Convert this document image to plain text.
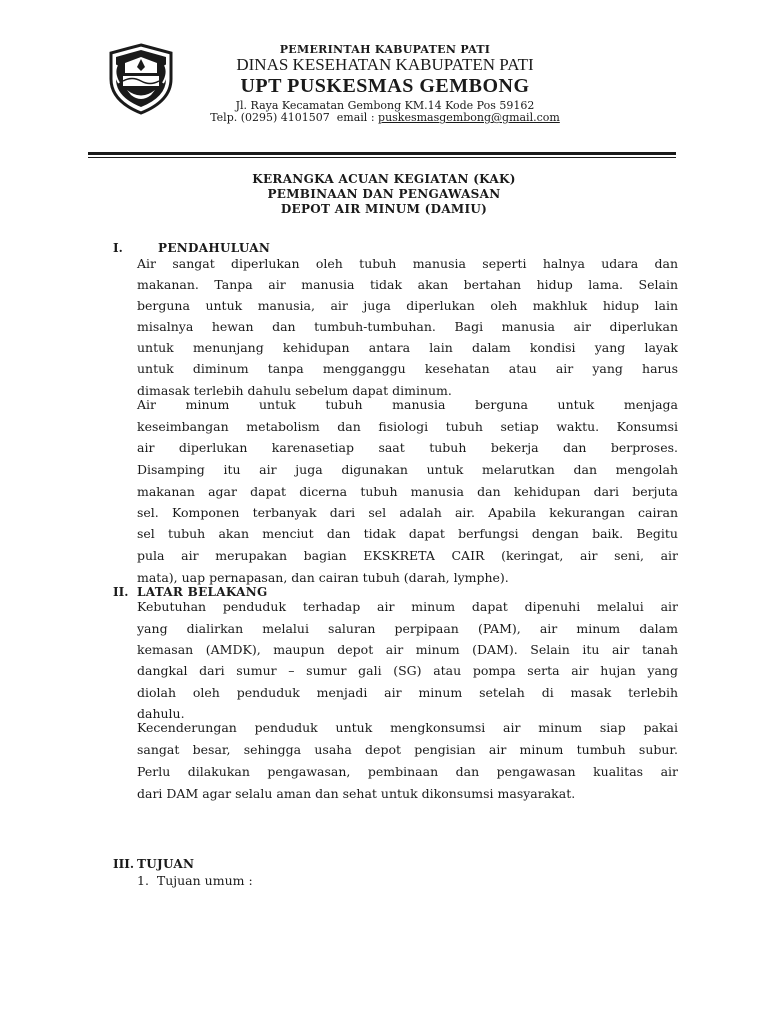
PEMERINTAH KABUPATEN PATI
DINAS KESEHATAN KABUPATEN PATI
UPT PUSKESMAS GEMBONG
Jl. Raya Kecamatan Gembong KM.14 Kode Pos 59162
Telp. (0295) 4101507  email : puskesmasgembong@gmail.com
KERANGKA ACUAN KEGIATAN (KAK)
PEMBINAAN DAN PENGAWASAN
DEPOT AIR MINUM (DAMIU)
I.	PENDAHULUAN
Air sangat diperlukan oleh tubuh manusia seperti halnya udara dan
makanan. Tanpa air manusia tidak akan bertahan hidup lama. Selain
berguna untuk manusia, air juga diperlukan oleh makhluk hidup lain
misalnya hewan dan tumbuh-tumbuhan. Bagi manusia air diperlukan
untuk menunjang kehidupan antara lain dalam kondisi yang layak
untuk diminum tanpa mengganggu kesehatan atau air yang harus
dimasak terlebih dahulu sebelum dapat diminum.
Air minum untuk tubuh manusia berguna untuk menjaga
keseimbangan metabolism dan fisiologi tubuh setiap waktu. Konsumsi
air diperlukan karenasetiap saat tubuh bekerja dan berproses.
Disamping itu air juga digunakan untuk melarutkan dan mengolah
makanan agar dapat dicerna tubuh manusia dan kehidupan dari berjuta
sel. Komponen terbanyak dari sel adalah air. Apabila kekurangan cairan
sel tubuh akan menciut dan tidak dapat berfungsi dengan baik. Begitu
pula air merupakan bagian EKSKRETA CAIR (keringat, air seni, air
mata), uap pernapasan, dan cairan tubuh (darah, lymphe).
II. LATAR BELAKANG
Kebutuhan penduduk terhadap air minum dapat dipenuhi melalui air
yang dialirkan melalui saluran perpipaan (PAM), air minum dalam
kemasan (AMDK), maupun depot air minum (DAM). Selain itu air tanah
dangkal dari sumur – sumur gali (SG) atau pompa serta air hujan yang
diolah oleh penduduk menjadi air minum setelah di masak terlebih
dahulu.
Kecenderungan penduduk untuk mengkonsumsi air minum siap pakai
sangat besar, sehingga usaha depot pengisian air minum tumbuh subur.
Perlu dilakukan pengawasan, pembinaan dan pengawasan kualitas air
dari DAM agar selalu aman dan sehat untuk dikonsumsi masyarakat.
III. TUJUAN
1.  Tujuan umum :
